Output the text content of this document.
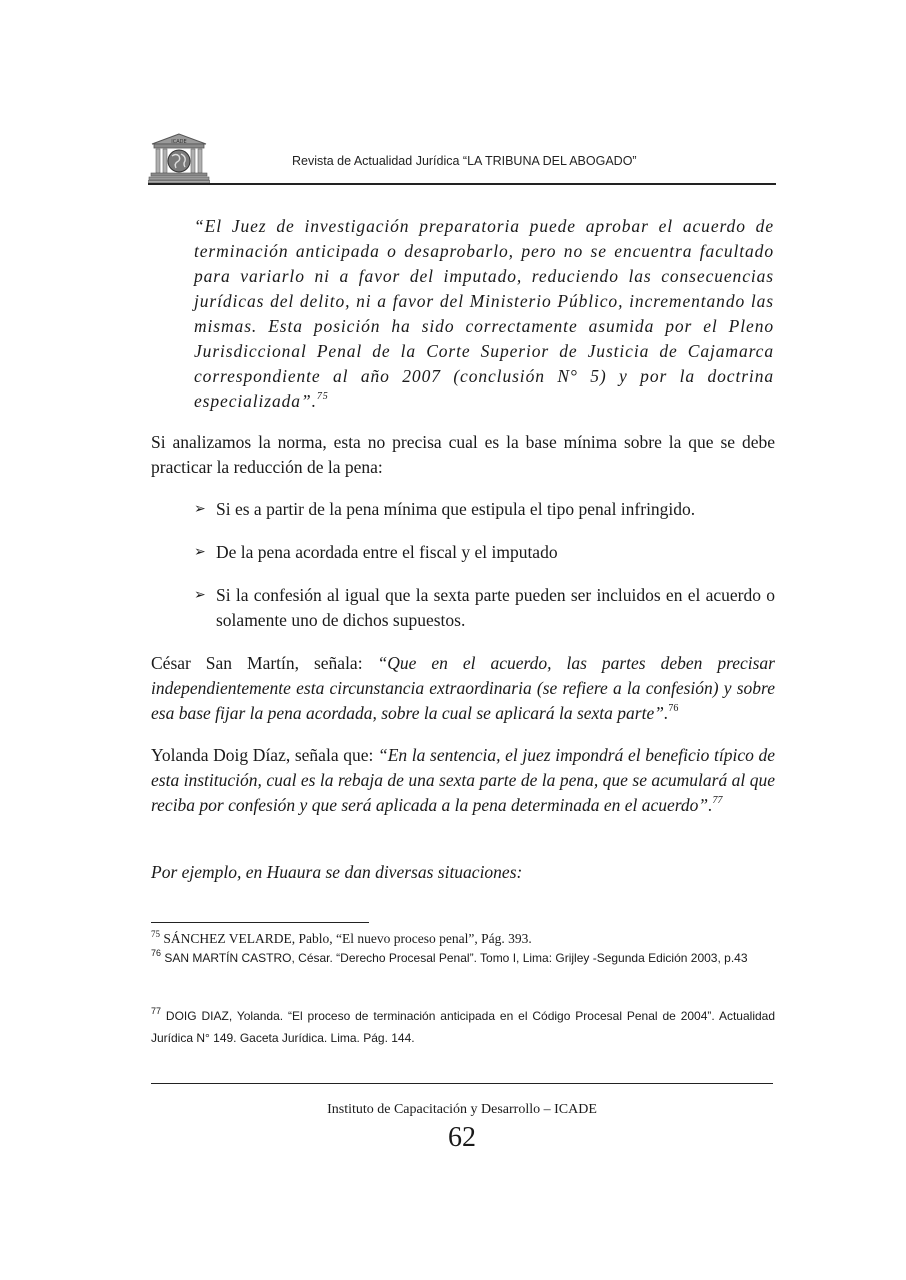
ICADE
Revista de Actualidad Jurídica “LA TRIBUNA DEL ABOGADO”
“El Juez de investigación preparatoria puede aprobar el acuerdo de terminación anticipada o desaprobarlo, pero no se encuentra facultado para variarlo ni a favor del imputado, reduciendo las consecuencias jurídicas del delito, ni a favor del Ministerio Público, incrementando las mismas. Esta posición ha sido correctamente asumida por el Pleno Jurisdiccional Penal de la Corte Superior de Justicia de Cajamarca correspondiente al año 2007 (conclusión N° 5) y por la doctrina especializada”.$^{75}$
Si analizamos la norma, esta no precisa cual es la base mínima sobre la que se debe practicar la reducción de la pena:
➢ Si es a partir de la pena mínima que estipula el tipo penal infringido.
➢ De la pena acordada entre el fiscal y el imputado
➢ Si la confesión al igual que la sexta parte pueden ser incluidos en el acuerdo o solamente uno de dichos supuestos.
César San Martín, señala: “Que en el acuerdo, las partes deben precisar independientemente esta circunstancia extraordinaria (se refiere a la confesión) y sobre esa base fijar la pena acordada, sobre la cual se aplicará la sexta parte”.$^{76}$
Yolanda Doig Díaz, señala que: “En la sentencia, el juez impondrá el beneficio típico de esta institución, cual es la rebaja de una sexta parte de la pena, que se acumulará al que reciba por confesión y que será aplicada a la pena determinada en el acuerdo”.$^{77}$
Por ejemplo, en Huaura se dan diversas situaciones:
$^{75}$ SÁNCHEZ VELARDE, Pablo, “El nuevo proceso penal”, Pág. 393.
$^{76}$ SAN MARTÍN CASTRO, César. “Derecho Procesal Penal”. Tomo I, Lima: Grijley -Segunda Edición 2003, p.43
$^{77}$ DOIG DIAZ, Yolanda. “El proceso de terminación anticipada en el Código Procesal Penal de 2004”. Actualidad Jurídica N° 149. Gaceta Jurídica. Lima. Pág. 144.
Instituto de Capacitación y Desarrollo – ICADE
62
